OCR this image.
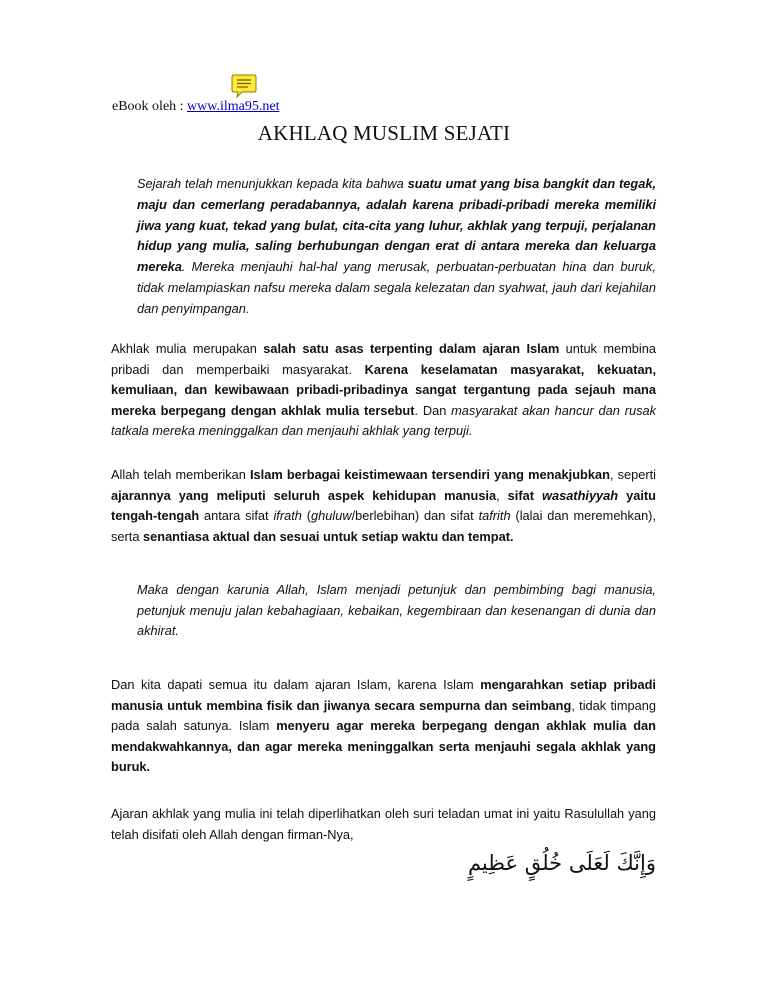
eBook oleh : www.ilma95.net
AKHLAQ MUSLIM SEJATI

Sejarah telah menunjukkan kepada kita bahwa suatu umat yang bisa bangkit dan tegak, maju dan cemerlang peradabannya, adalah karena pribadi-pribadi mereka memiliki jiwa yang kuat, tekad yang bulat, cita-cita yang luhur, akhlak yang terpuji, perjalanan hidup yang mulia, saling berhubungan dengan erat di antara mereka dan keluarga mereka. Mereka menjauhi hal-hal yang merusak, perbuatan-perbuatan hina dan buruk, tidak melampiaskan nafsu mereka dalam segala kelezatan dan syahwat, jauh dari kejahilan dan penyimpangan.

Akhlak mulia merupakan salah satu asas terpenting dalam ajaran Islam untuk membina pribadi dan memperbaiki masyarakat. Karena keselamatan masyarakat, kekuatan, kemuliaan, dan kewibawaan pribadi-pribadinya sangat tergantung pada sejauh mana mereka berpegang dengan akhlak mulia tersebut. Dan masyarakat akan hancur dan rusak tatkala mereka meninggalkan dan menjauhi akhlak yang terpuji.

Allah telah memberikan Islam berbagai keistimewaan tersendiri yang menakjubkan, seperti ajarannya yang meliputi seluruh aspek kehidupan manusia, sifat wasathiyyah yaitu tengah-tengah antara sifat ifrath (ghuluw/berlebihan) dan sifat tafrith (lalai dan meremehkan), serta senantiasa aktual dan sesuai untuk setiap waktu dan tempat.

Maka dengan karunia Allah, Islam menjadi petunjuk dan pembimbing bagi manusia, petunjuk menuju jalan kebahagiaan, kebaikan, kegembiraan dan kesenangan di dunia dan akhirat.

Dan kita dapati semua itu dalam ajaran Islam, karena Islam mengarahkan setiap pribadi manusia untuk membina fisik dan jiwanya secara sempurna dan seimbang, tidak timpang pada salah satunya. Islam menyeru agar mereka berpegang dengan akhlak mulia dan mendakwahkannya, dan agar mereka meninggalkan serta menjauhi segala akhlak yang buruk.

Ajaran akhlak yang mulia ini telah diperlihatkan oleh suri teladan umat ini yaitu Rasulullah yang telah disifati oleh Allah dengan firman-Nya,

وَإِنَّكَ لَعَلَى خُلُقٍ عَظِيمٍ
